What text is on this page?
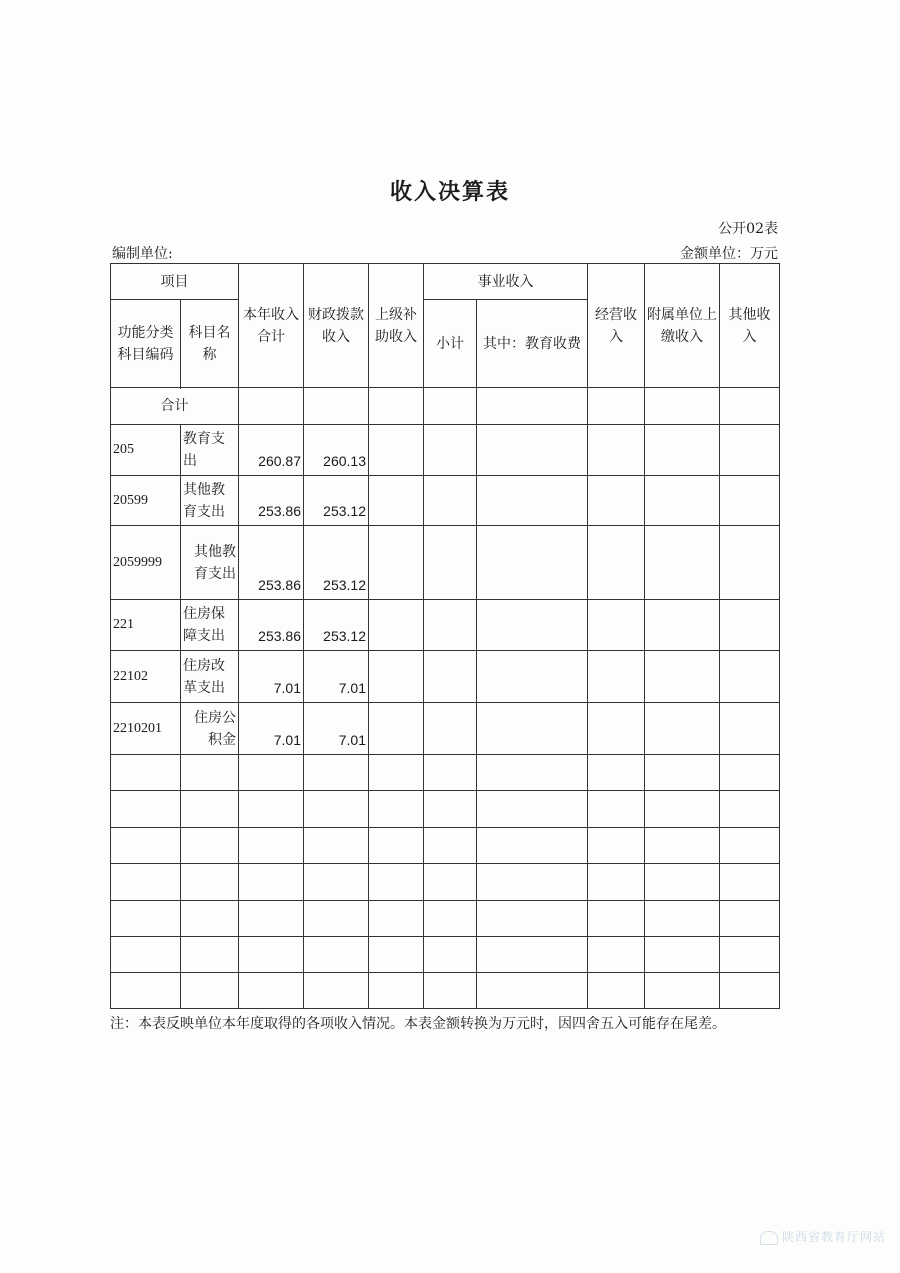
收入决算表
公开02表
编制单位:	金额单位：万元
项目		本年收入合计	财政拨款收入	上级补助收入	事业收入		经营收入	附属单位上缴收入	其他收入
功能分类科目编码	科目名称				小计	其中：教育收费			

合计									
205	教育支出	260.87	260.13						
20599	其他教育支出	253.86	253.12						
2059999	其他教育支出	253.86	253.12						
221	住房保障支出	253.86	253.12						
22102	住房改革支出	7.01	7.01						
2210201	住房公积金	7.01	7.01						

注：本表反映单位本年度取得的各项收入情况。本表金额转换为万元时，因四舍五入可能存在尾差。
陕西省教育厅网站
